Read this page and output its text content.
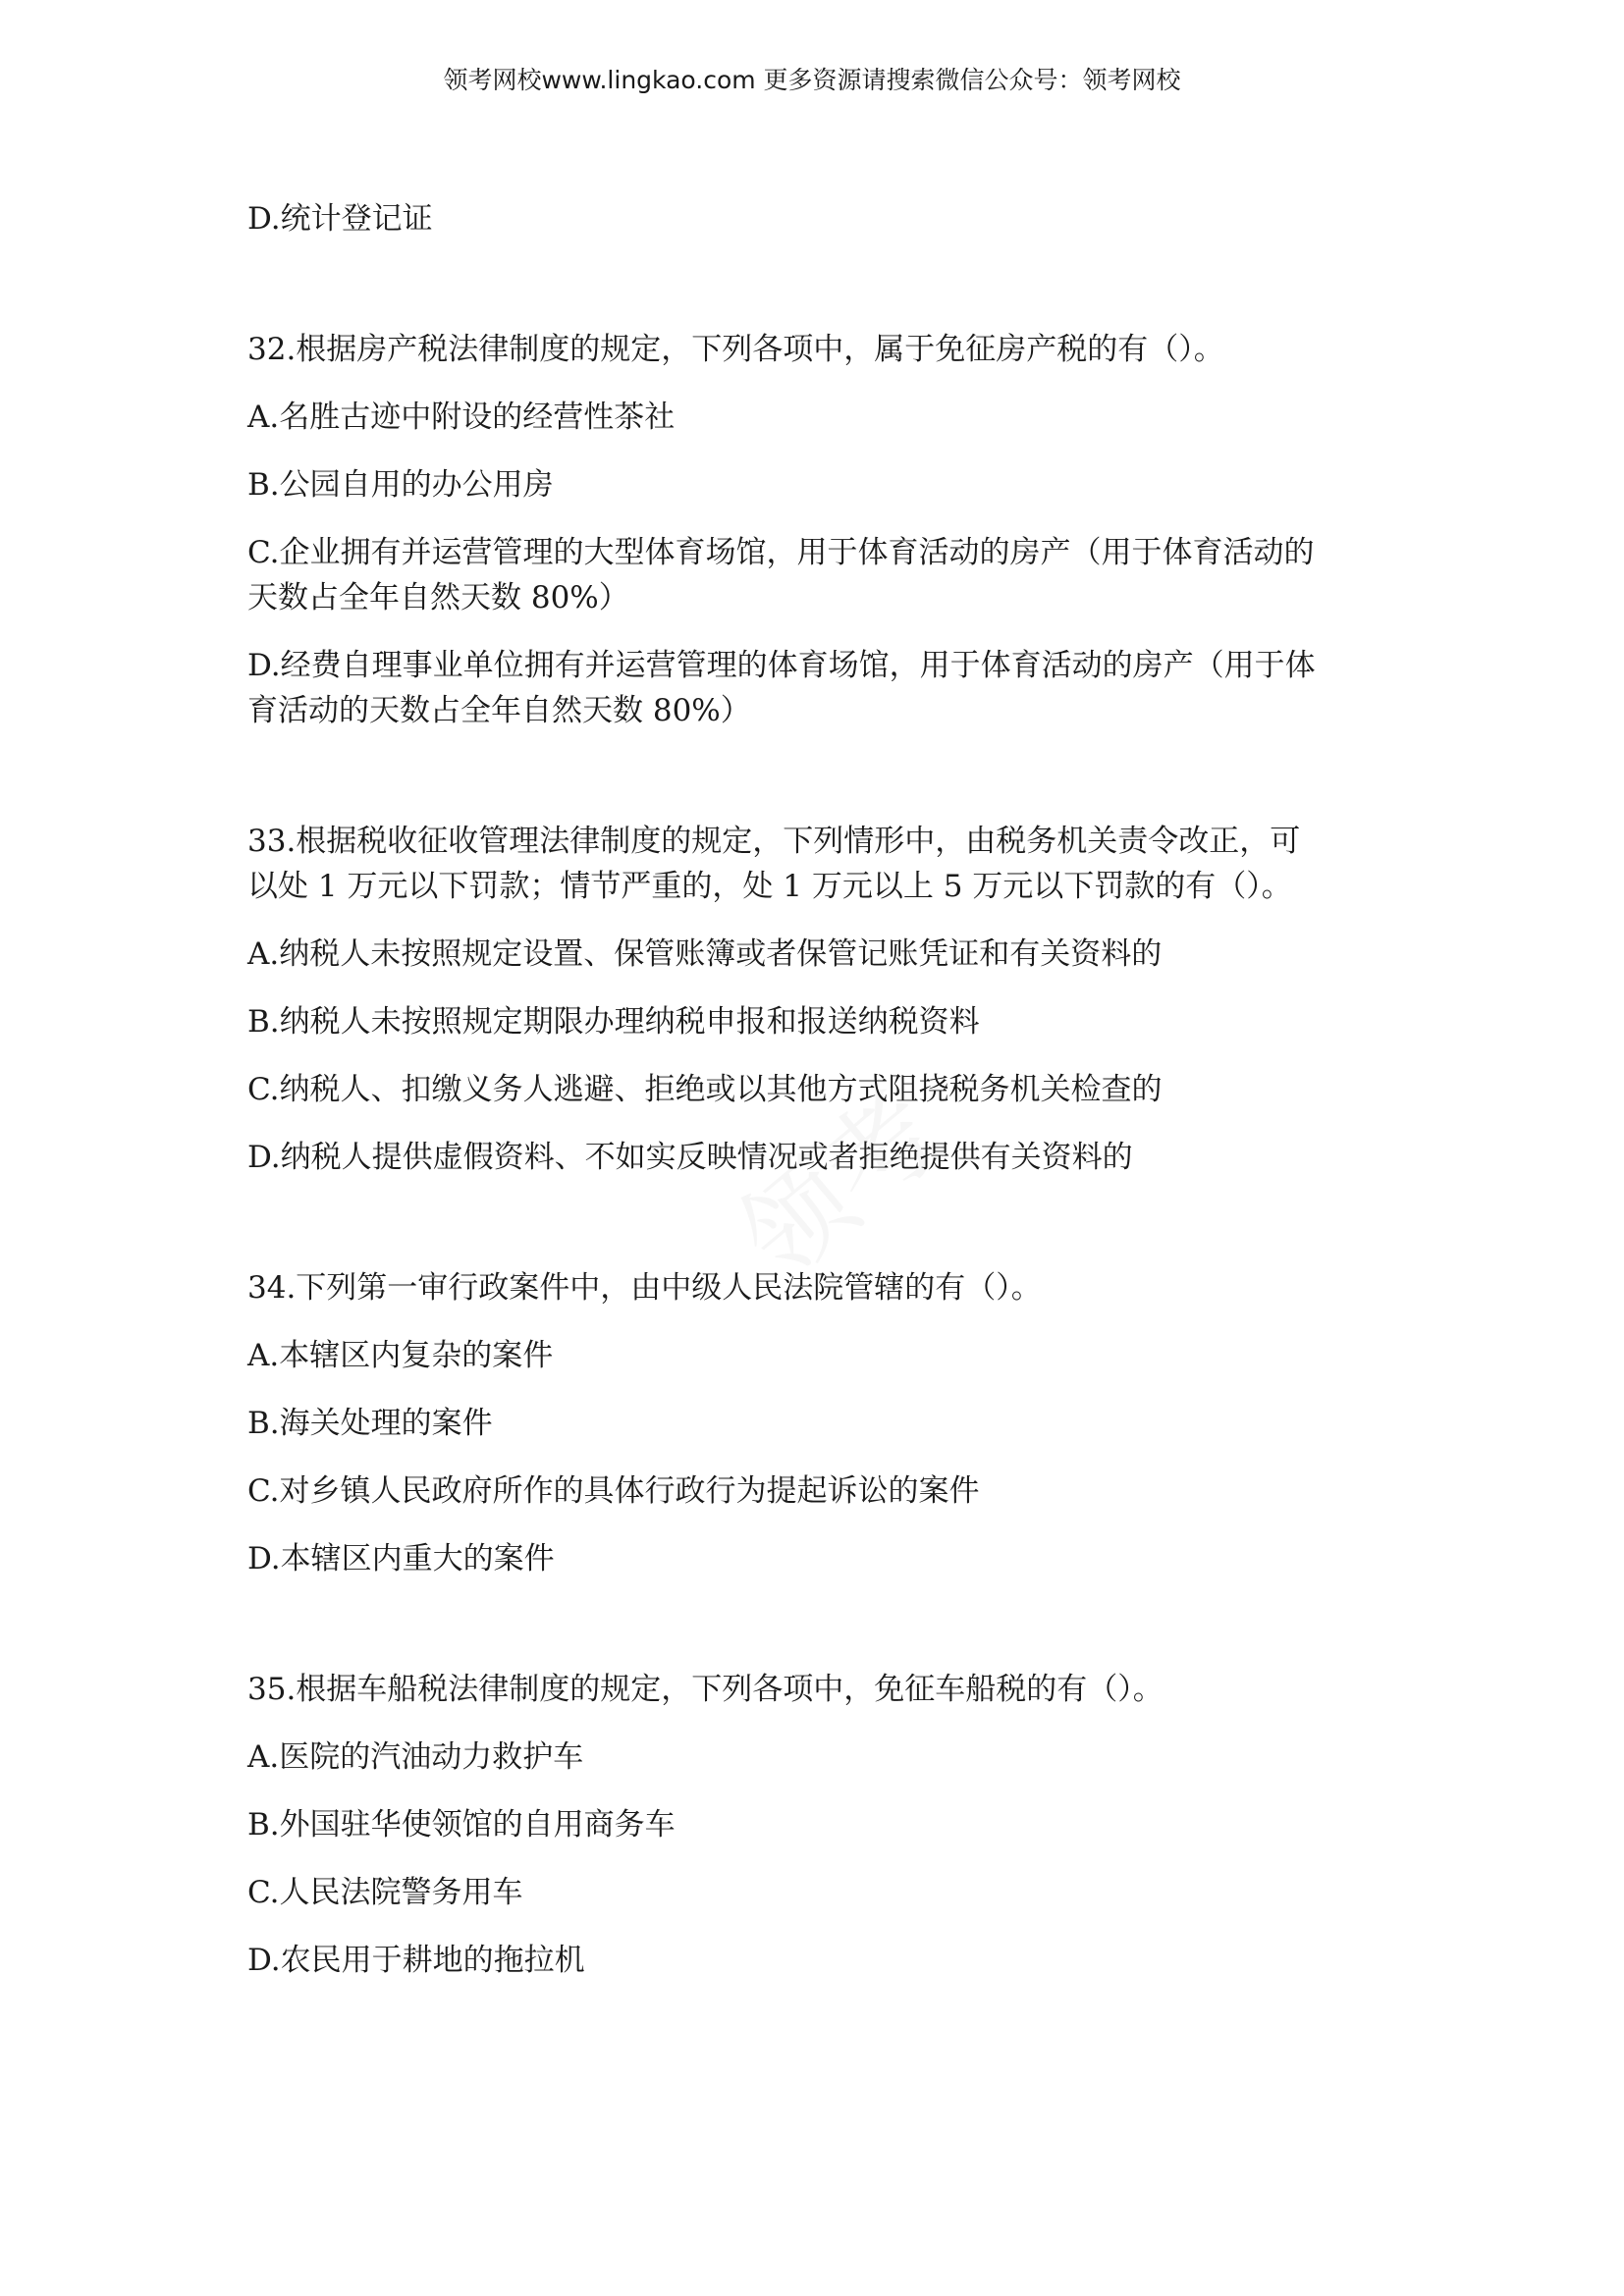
领考网校www.lingkao.com 更多资源请搜索微信公众号：领考网校
领考
D.统计登记证
32.根据房产税法律制度的规定，下列各项中，属于免征房产税的有（）。
A.名胜古迹中附设的经营性茶社
B.公园自用的办公用房
C.企业拥有并运营管理的大型体育场馆，用于体育活动的房产（用于体育活动的
天数占全年自然天数 80%）
D.经费自理事业单位拥有并运营管理的体育场馆，用于体育活动的房产（用于体
育活动的天数占全年自然天数 80%）
33.根据税收征收管理法律制度的规定，下列情形中，由税务机关责令改正，可
以处 1 万元以下罚款；情节严重的，处 1 万元以上 5 万元以下罚款的有（）。
A.纳税人未按照规定设置、保管账簿或者保管记账凭证和有关资料的
B.纳税人未按照规定期限办理纳税申报和报送纳税资料
C.纳税人、扣缴义务人逃避、拒绝或以其他方式阻挠税务机关检查的
D.纳税人提供虚假资料、不如实反映情况或者拒绝提供有关资料的
34.下列第一审行政案件中，由中级人民法院管辖的有（）。
A.本辖区内复杂的案件
B.海关处理的案件
C.对乡镇人民政府所作的具体行政行为提起诉讼的案件
D.本辖区内重大的案件
35.根据车船税法律制度的规定，下列各项中，免征车船税的有（）。
A.医院的汽油动力救护车
B.外国驻华使领馆的自用商务车
C.人民法院警务用车
D.农民用于耕地的拖拉机
